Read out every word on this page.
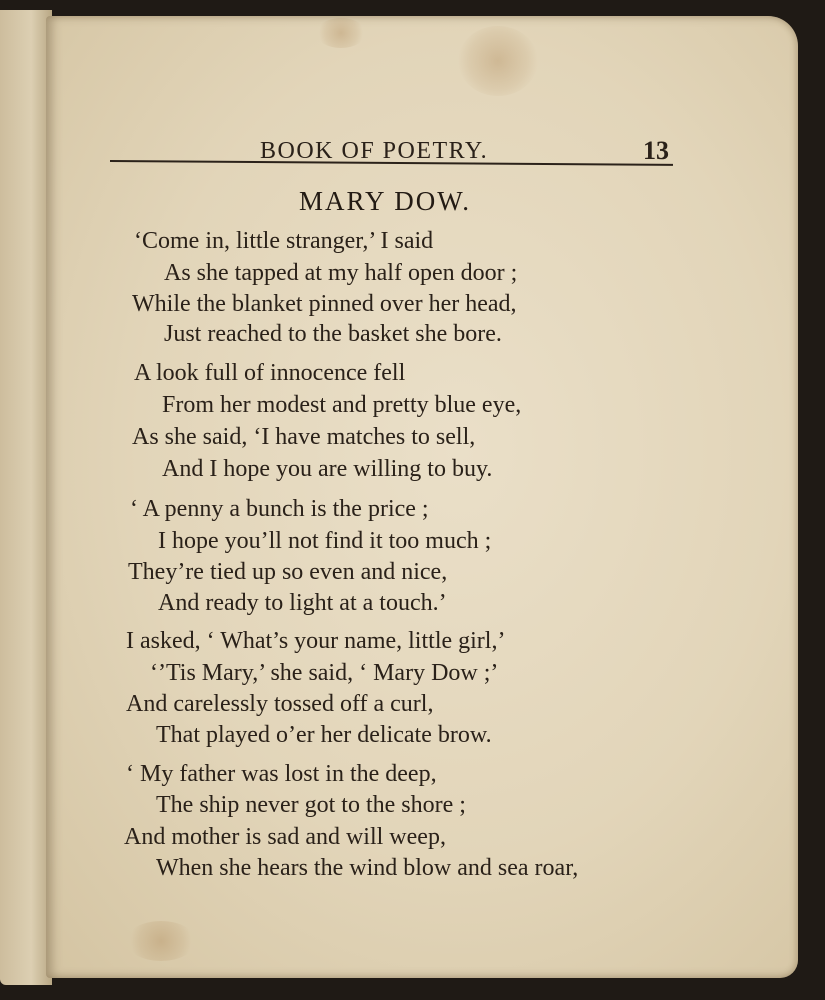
BOOK OF POETRY.	13
MARY DOW.
‘Come in, little stranger,’ I said
As she tapped at my half open door ;
While the blanket pinned over her head,
Just reached to the basket she bore.
A look full of innocence fell
From her modest and pretty blue eye,
As she said, ‘I have matches to sell,
And I hope you are willing to buy.
‘ A penny a bunch is the price ;
I hope you’ll not find it too much ;
They’re tied up so even and nice,
And ready to light at a touch.’
I asked, ‘ What’s your name, little girl,’
‘’Tis Mary,’ she said, ‘ Mary Dow ;’
And carelessly tossed off a curl,
That played o’er her delicate brow.
‘ My father was lost in the deep,
The ship never got to the shore ;
And mother is sad and will weep,
When she hears the wind blow and sea roar,
